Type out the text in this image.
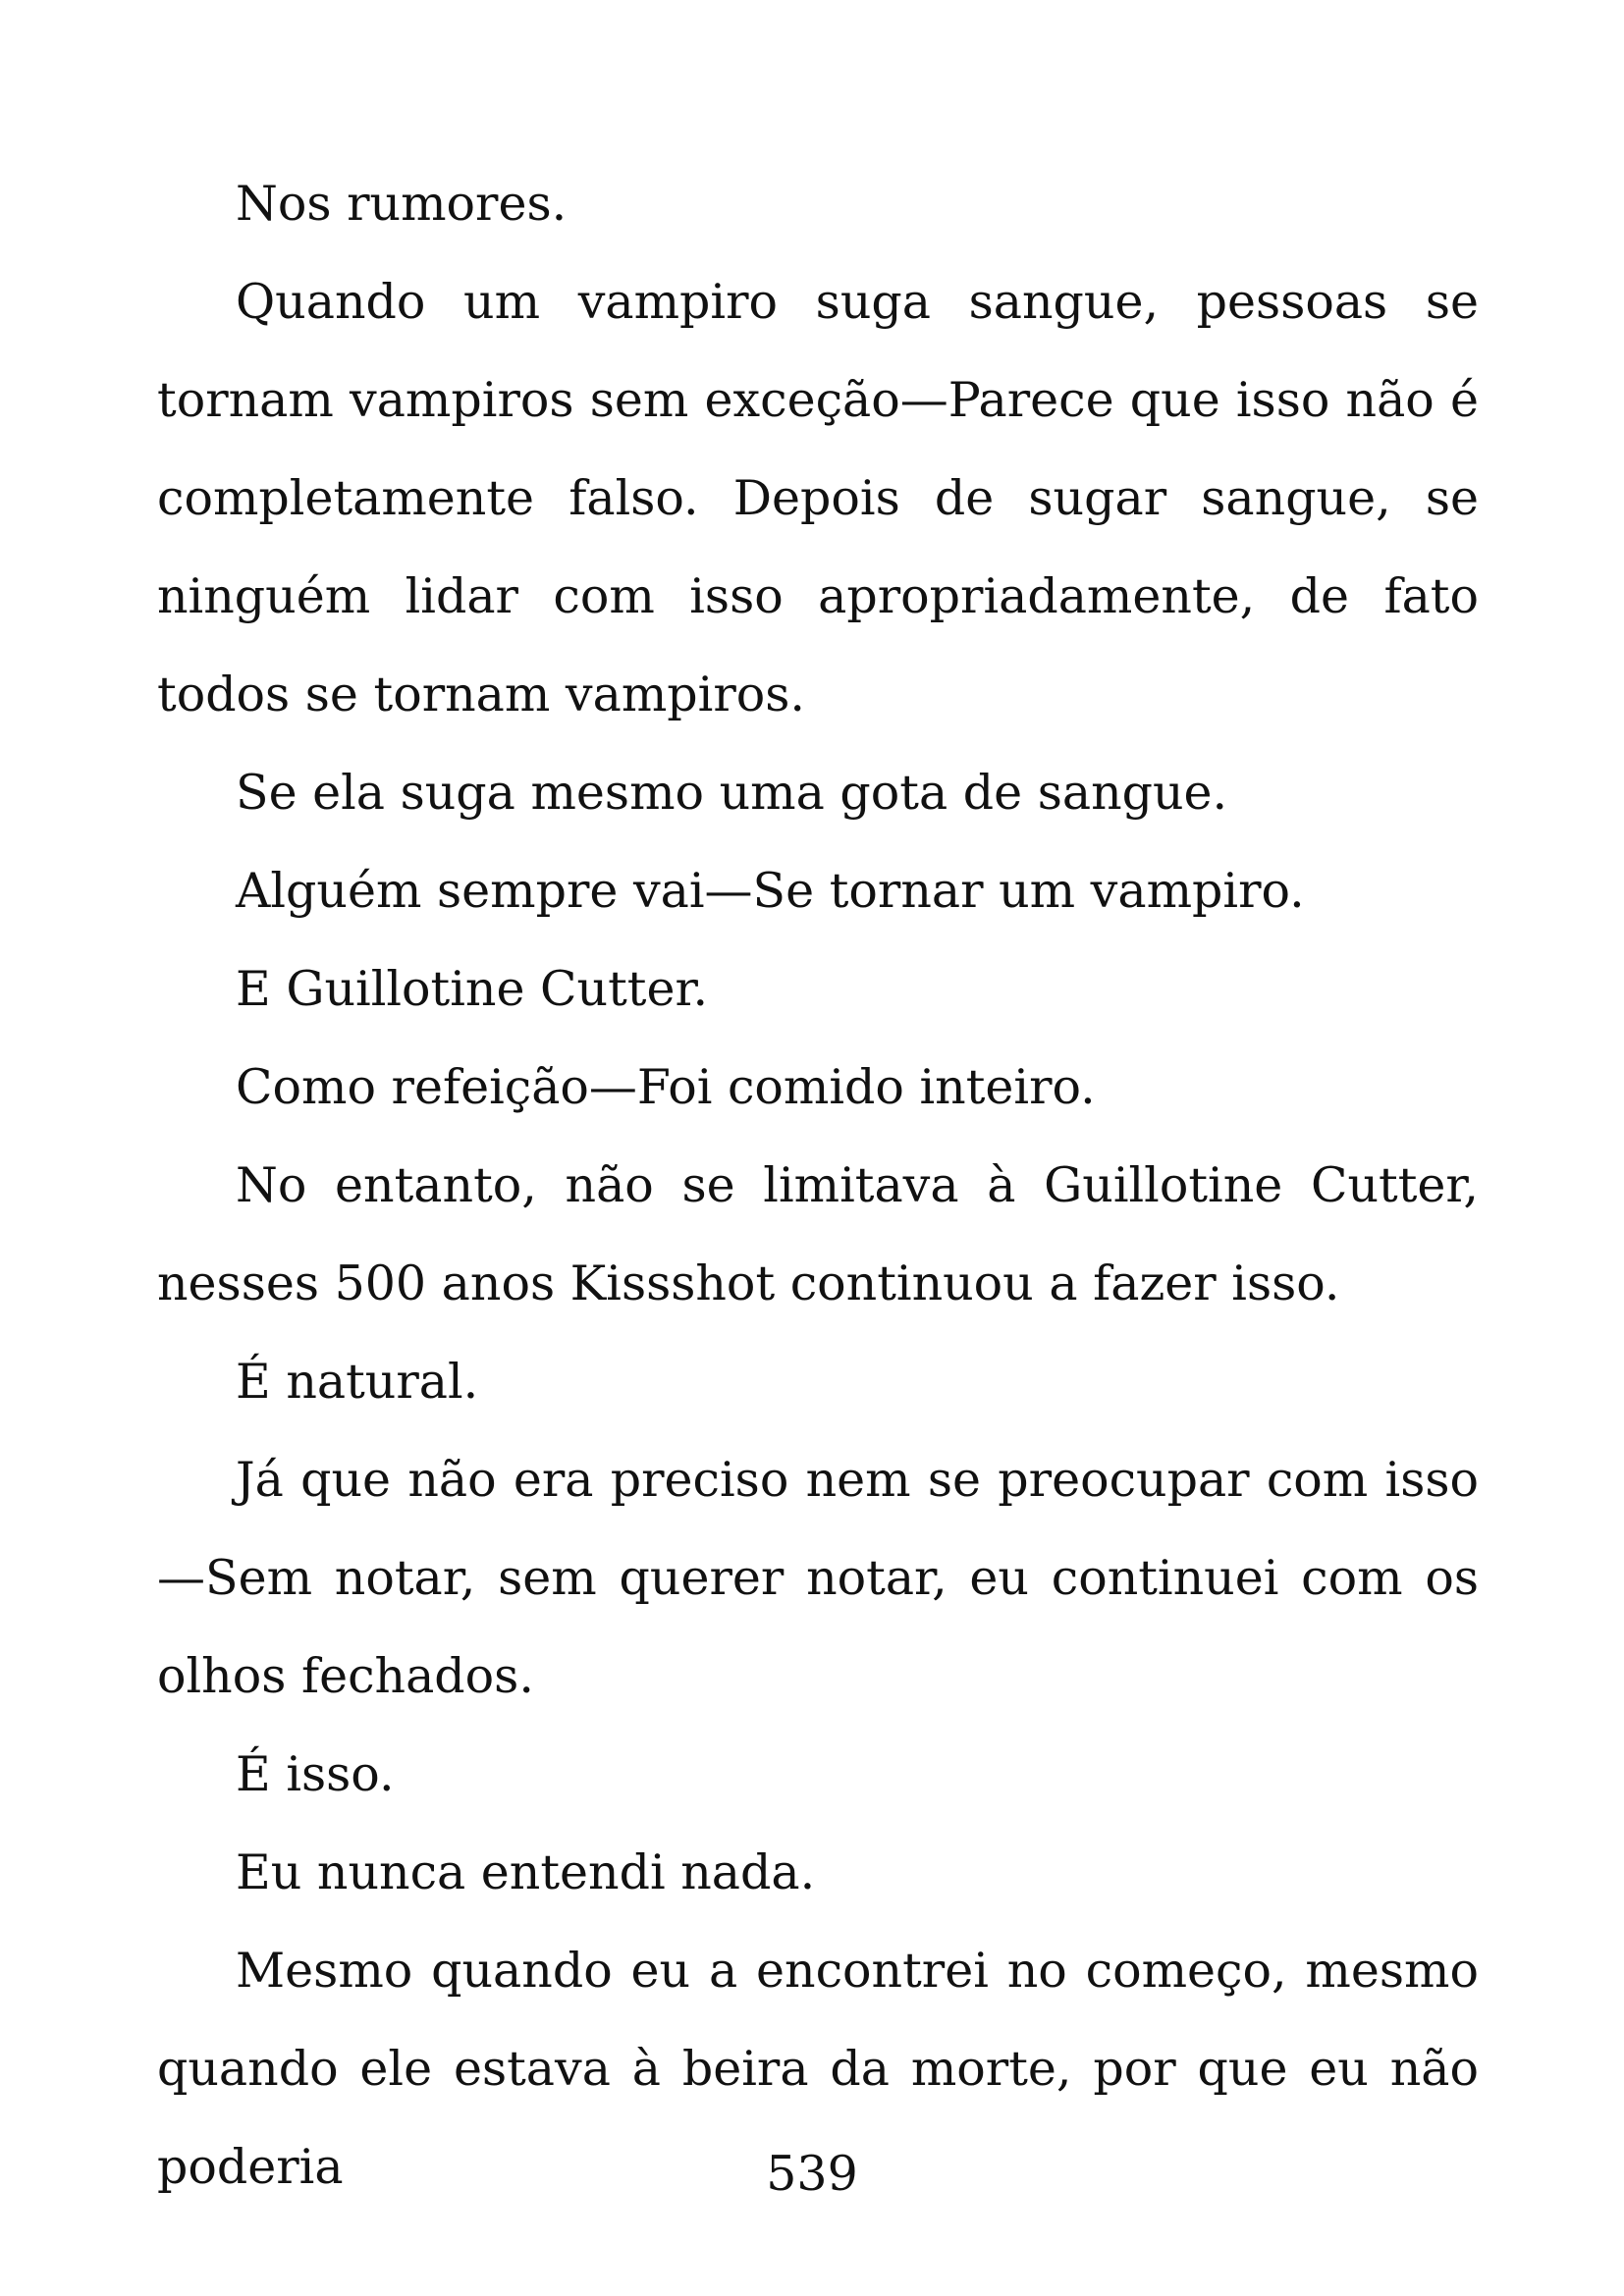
Nos rumores.

Quando um vampiro suga sangue, pessoas se tornam vampiros sem exceção—Parece que isso não é completamente falso. Depois de sugar sangue, se ninguém lidar com isso apropriadamente, de fato todos se tornam vampiros.

Se ela suga mesmo uma gota de sangue.

Alguém sempre vai—Se tornar um vampiro.

E Guillotine Cutter.

Como refeição—Foi comido inteiro.

No entanto, não se limitava à Guillotine Cutter, nesses 500 anos Kissshot continuou a fazer isso.

É natural.

Já que não era preciso nem se preocupar com isso—Sem notar, sem querer notar, eu continuei com os olhos fechados.

É isso.

Eu nunca entendi nada.

Mesmo quando eu a encontrei no começo, mesmo quando ele estava à beira da morte, por que eu não poderia	539
